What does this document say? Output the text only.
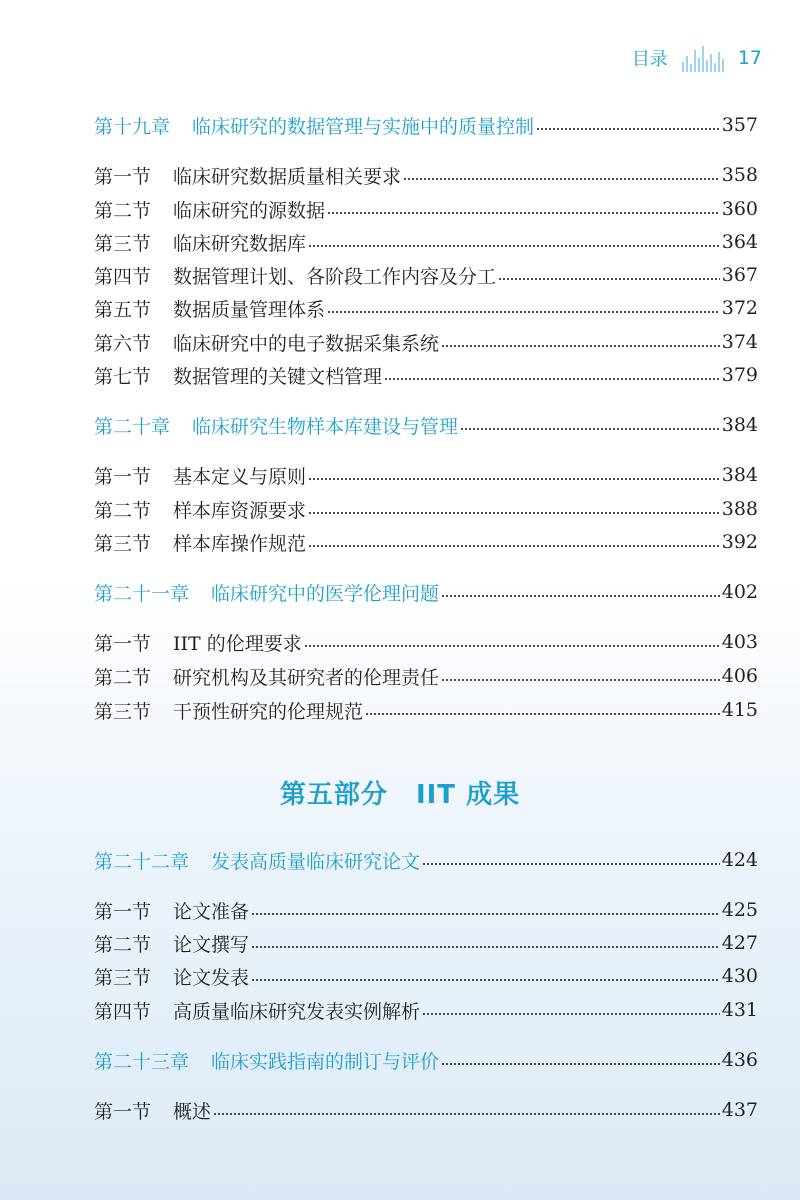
目录	17
第十九章	临床研究的数据管理与实施中的质量控制	357
第一节	临床研究数据质量相关要求	358
第二节	临床研究的源数据	360
第三节	临床研究数据库	364
第四节	数据管理计划、各阶段工作内容及分工	367
第五节	数据质量管理体系	372
第六节	临床研究中的电子数据采集系统	374
第七节	数据管理的关键文档管理	379
第二十章	临床研究生物样本库建设与管理	384
第一节	基本定义与原则	384
第二节	样本库资源要求	388
第三节	样本库操作规范	392
第二十一章	临床研究中的医学伦理问题	402
第一节	IIT 的伦理要求	403
第二节	研究机构及其研究者的伦理责任	406
第三节	干预性研究的伦理规范	415
第二十二章	发表高质量临床研究论文	424
第一节	论文准备	425
第二节	论文撰写	427
第三节	论文发表	430
第四节	高质量临床研究发表实例解析	431
第二十三章	临床实践指南的制订与评价	436
第一节	概述	437
第五部分 IIT 成果
